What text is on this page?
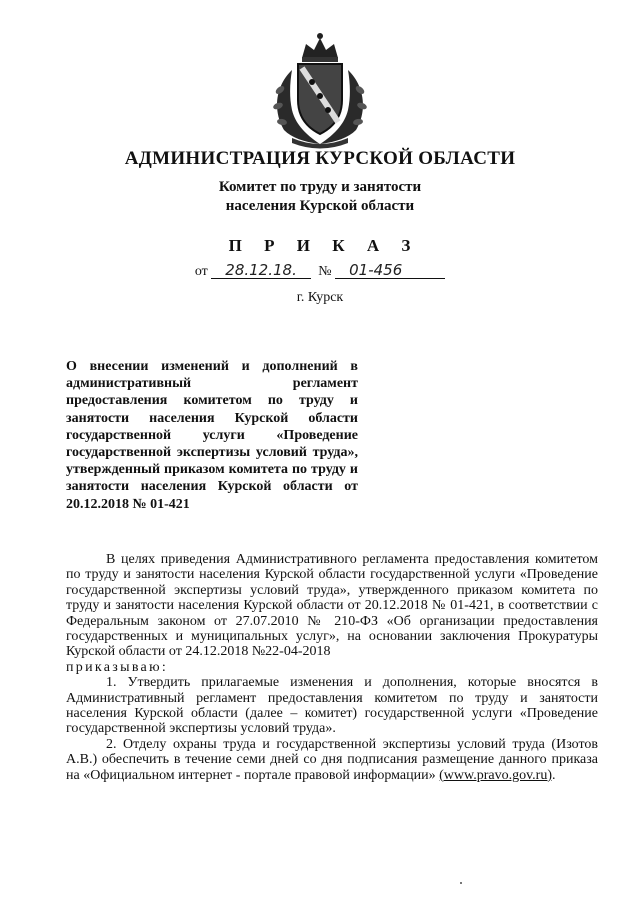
АДМИНИСТРАЦИЯ КУРСКОЙ ОБЛАСТИ
Комитет по труду и занятости
населения Курской области
П Р И К А З
от 28.12.18. № 01-456
г. Курск
О внесении изменений и дополнений в административный регламент предоставления комитетом по труду и занятости населения Курской области государственной услуги «Проведение государственной экспертизы условий труда», утвержденный приказом комитета по труду и занятости населения Курской области от 20.12.2018 № 01-421

В целях приведения Административного регламента предоставления комитетом по труду и занятости населения Курской области государственной услуги «Проведение государственной экспертизы условий труда», утвержденного приказом комитета по труду и занятости населения Курской области от 20.12.2018 № 01-421, в соответствии с Федеральным законом от 27.07.2010 № 210-ФЗ «Об организации предоставления государственных и муниципальных услуг», на основании заключения Прокуратуры Курской области от 24.12.2018 №22-04-2018

приказываю:

1. Утвердить прилагаемые изменения и дополнения, которые вносятся в Административный регламент предоставления комитетом по труду и занятости населения Курской области (далее – комитет) государственной услуги «Проведение государственной экспертизы условий труда».

2. Отделу охраны труда и государственной экспертизы условий труда (Изотов А.В.) обеспечить в течение семи дней со дня подписания размещение данного приказа на «Официальном интернет - портале правовой информации» (www.pravo.gov.ru).
